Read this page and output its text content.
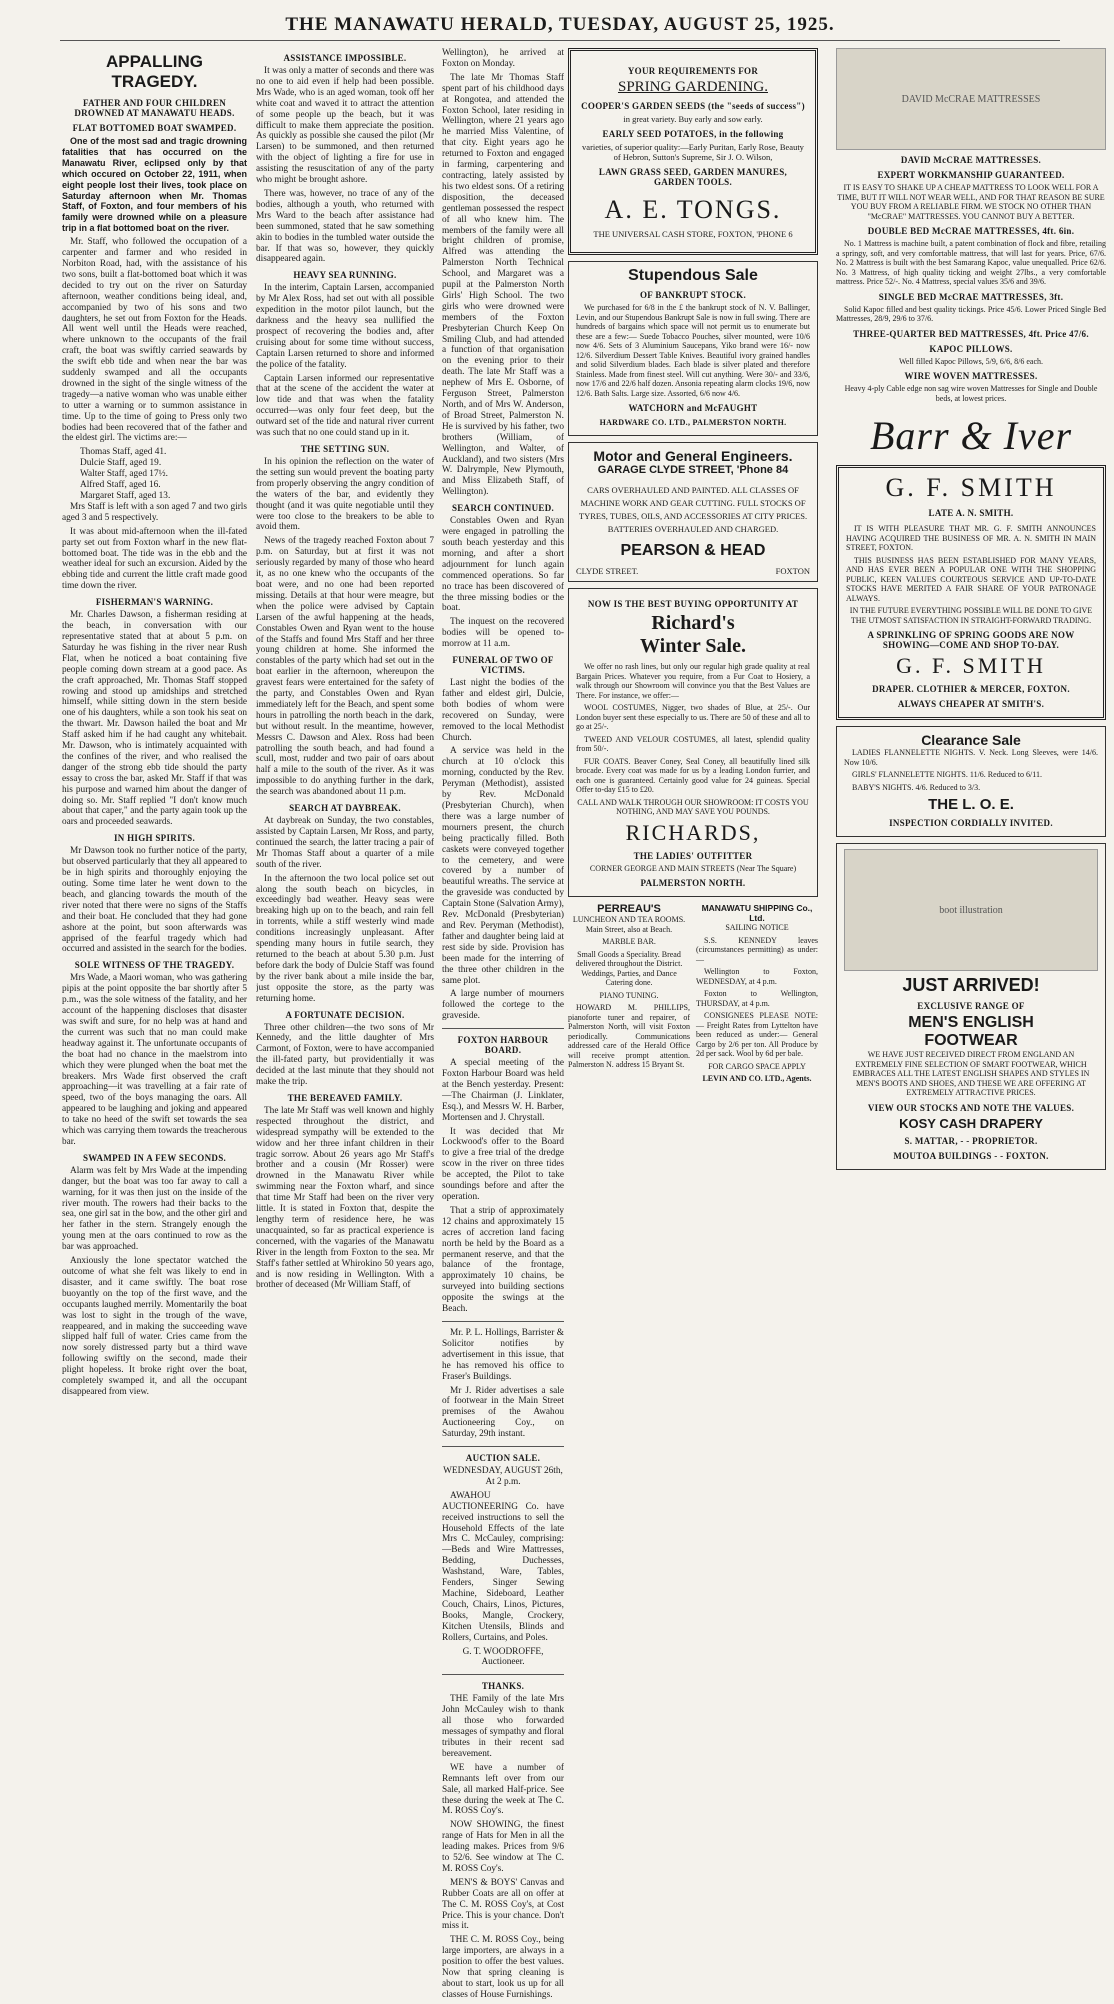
THE MANAWATU HERALD, TUESDAY, AUGUST 25, 1925.
APPALLING TRAGEDY.
FATHER AND FOUR CHILDREN DROWNED AT MANAWATU HEADS.
FLAT BOTTOMED BOAT SWAMPED.

One of the most sad and tragic drowning fatalities that has occurred on the Manawatu River, eclipsed only by that which occured on October 22, 1911, when eight people lost their lives, took place on Saturday afternoon when Mr. Thomas Staff, of Foxton, and four members of his family were drowned while on a pleasure trip in a flat bottomed boat on the river.

Mr. Staff, who followed the occupation of a carpenter and farmer and who resided in Norbiton Road, had, with the assistance of his two sons, built a flat-bottomed boat which it was decided to try out on the river on Saturday afternoon, weather conditions being ideal, and, accompanied by two of his sons and two daughters, he set out from Foxton for the Heads. All went well until the Heads were reached, where unknown to the occupants of the frail craft, the boat was swiftly carried seawards by the swift ebb tide and when near the bar was suddenly swamped and all the occupants drowned in the sight of the single witness of the tragedy—a native woman who was unable either to utter a warning or to summon assistance in time. Up to the time of going to Press only two bodies had been recovered that of the father and the eldest girl. The victims are:—

Thomas Staff, aged 41.
Dulcie Staff, aged 19.
Walter Staff, aged 17½.
Alfred Staff, aged 16.
Margaret Staff, aged 13.

Mrs Staff is left with a son aged 7 and two girls aged 3 and 5 respectively.

It was about mid-afternoon when the ill-fated party set out from Foxton wharf in the new flat-bottomed boat. The tide was in the ebb and the weather ideal for such an excursion. Aided by the ebbing tide and current the little craft made good time down the river.

FISHERMAN'S WARNING.

Mr. Charles Dawson, a fisherman residing at the beach, in conversation with our representative stated that at about 5 p.m. on Saturday he was fishing in the river near Rush Flat, when he noticed a boat containing five people coming down stream at a good pace. As the craft approached, Mr. Thomas Staff stopped rowing and stood up amidships and stretched himself, while sitting down in the stern beside one of his daughters, while a son took his seat on the thwart. Mr. Dawson hailed the boat and Mr Staff asked him if he had caught any whitebait. Mr. Dawson, who is intimately acquainted with the confines of the river, and who realised the danger of the strong ebb tide should the party essay to cross the bar, asked Mr. Staff if that was his purpose and warned him about the danger of doing so. Mr. Staff replied "I don't know much about that caper," and the party again took up the oars and proceeded seawards.

IN HIGH SPIRITS.

Mr Dawson took no further notice of the party, but observed particularly that they all appeared to be in high spirits and thoroughly enjoying the outing. Some time later he went down to the beach, and glancing towards the mouth of the river noted that there were no signs of the Staffs and their boat. He concluded that they had gone ashore at the point, but soon afterwards was apprised of the fearful tragedy which had occurred and assisted in the search for the bodies.

SOLE WITNESS OF THE TRAGEDY.

Mrs Wade, a Maori woman, who was gathering pipis at the point opposite the bar shortly after 5 p.m., was the sole witness of the fatality, and her account of the happening discloses that disaster was swift and sure, for no help was at hand and the current was such that no man could make headway against it. The unfortunate occupants of the boat had no chance in the maelstrom into which they were plunged when the boat met the breakers. Mrs Wade first observed the craft approaching—it was travelling at a fair rate of speed, two of the boys managing the oars. All appeared to be laughing and joking and appeared to take no heed of the swift set towards the sea which was carrying them towards the treacherous bar.

SWAMPED IN A FEW SECONDS.

Alarm was felt by Mrs Wade at the impending danger, but the boat was too far away to call a warning, for it was then just on the inside of the river mouth. The rowers had their backs to the sea, one girl sat in the bow, and the other girl and her father in the stern. Strangely enough the young men at the oars continued to row as the bar was approached.

Anxiously the lone spectator watched the outcome of what she felt was likely to end in disaster, and it came swiftly. The boat rose buoyantly on the top of the first wave, and the occupants laughed merrily. Momentarily the boat was lost to sight in the trough of the wave, reappeared, and in making the succeeding wave slipped half full of water. Cries came from the now sorely distressed party but a third wave following swiftly on the second, made their plight hopeless. It broke right over the boat, completely swamped it, and all the occupant disappeared from view.

ASSISTANCE IMPOSSIBLE.

It was only a matter of seconds and there was no one to aid even if help had been possible. Mrs Wade, who is an aged woman, took off her white coat and waved it to attract the attention of some people up the beach, but it was difficult to make them appreciate the position. As quickly as possible she caused the pilot (Mr Larsen) to be summoned, and then returned with the object of lighting a fire for use in assisting the resuscitation of any of the party who might be brought ashore.

There was, however, no trace of any of the bodies, although a youth, who returned with Mrs Ward to the beach after assistance had been summoned, stated that he saw something akin to bodies in the tumbled water outside the bar. If that was so, however, they quickly disappeared again.

HEAVY SEA RUNNING.

In the interim, Captain Larsen, accompanied by Mr Alex Ross, had set out with all possible expedition in the motor pilot launch, but the darkness and the heavy sea nullified the prospect of recovering the bodies and, after cruising about for some time without success, Captain Larsen returned to shore and informed the police of the fatality.

Captain Larsen informed our representative that at the scene of the accident the water at low tide and that was when the fatality occurred—was only four feet deep, but the outward set of the tide and natural river current was such that no one could stand up in it.

THE SETTING SUN.

In his opinion the reflection on the water of the setting sun would prevent the boating party from properly observing the angry condition of the waters of the bar, and evidently they thought (and it was quite negotiable until they were too close to the breakers to be able to avoid them.

News of the tragedy reached Foxton about 7 p.m. on Saturday, but at first it was not seriously regarded by many of those who heard it, as no one knew who the occupants of the boat were, and no one had been reported missing. Details at that hour were meagre, but when the police were advised by Captain Larsen of the awful happening at the heads, Constables Owen and Ryan went to the house of the Staffs and found Mrs Staff and her three young children at home. She informed the constables of the party which had set out in the boat earlier in the afternoon, whereupon the gravest fears were entertained for the safety of the party, and Constables Owen and Ryan immediately left for the Beach, and spent some hours in patrolling the north beach in the dark, but without result. In the meantime, however, Messrs C. Dawson and Alex. Ross had been patrolling the south beach, and had found a scull, most, rudder and two pair of oars about half a mile to the south of the river. As it was impossible to do anything further in the dark, the search was abandoned about 11 p.m.

SEARCH AT DAYBREAK.

At daybreak on Sunday, the two constables, assisted by Captain Larsen, Mr Ross, and party, continued the search, the latter tracing a pair of Mr Thomas Staff about a quarter of a mile south of the river.

In the afternoon the two local police set out along the south beach on bicycles, in exceedingly bad weather. Heavy seas were breaking high up on to the beach, and rain fell in torrents, while a stiff westerly wind made conditions increasingly unpleasant. After spending many hours in futile search, they returned to the beach at about 5.30 p.m. Just before dark the body of Dulcie Staff was found by the river bank about a mile inside the bar, just opposite the store, as the party was returning home.

A FORTUNATE DECISION.

Three other children—the two sons of Mr Kennedy, and the little daughter of Mrs Carmont, of Foxton, were to have accompanied the ill-fated party, but providentially it was decided at the last minute that they should not make the trip.

THE BEREAVED FAMILY.

The late Mr Staff was well known and highly respected throughout the district, and widespread sympathy will be extended to the widow and her three infant children in their tragic sorrow. About 26 years ago Mr Staff's brother and a cousin (Mr Rosser) were drowned in the Manawatu River while swimming near the Foxton wharf, and since that time Mr Staff had been on the river very little. It is stated in Foxton that, despite the lengthy term of residence here, he was unacquainted, so far as practical experience is concerned, with the vagaries of the Manawatu River in the length from Foxton to the sea. Mr Staff's father settled at Whirokino 50 years ago, and is now residing in Wellington. With a brother of deceased (Mr William Staff, of

Wellington), he arrived at Foxton on Monday.

The late Mr Thomas Staff spent part of his childhood days at Rongotea, and attended the Foxton School, later residing in Wellington, where 21 years ago he married Miss Valentine, of that city. Eight years ago he returned to Foxton and engaged in farming, carpentering and contracting, lately assisted by his two eldest sons. Of a retiring disposition, the deceased gentleman possessed the respect of all who knew him. The members of the family were all bright children of promise, Alfred was attending the Palmerston North Technical School, and Margaret was a pupil at the Palmerston North Girls' High School. The two girls who were drowned were members of the Foxton Presbyterian Church Keep On Smiling Club, and had attended a function of that organisation on the evening prior to their death. The late Mr Staff was a nephew of Mrs E. Osborne, of Ferguson Street, Palmerston North, and of Mrs W. Anderson, of Broad Street, Palmerston N. He is survived by his father, two brothers (William, of Wellington, and Walter, of Auckland), and two sisters (Mrs W. Dalrymple, New Plymouth, and Miss Elizabeth Staff, of Wellington).

SEARCH CONTINUED.

Constables Owen and Ryan were engaged in patrolling the south beach yesterday and this morning, and after a short adjournment for lunch again commenced operations. So far no trace has been discovered of the three missing bodies or the boat.

The inquest on the recovered bodies will be opened to-morrow at 11 a.m.

FUNERAL OF TWO OF VICTIMS.

Last night the bodies of the father and eldest girl, Dulcie, both bodies of whom were recovered on Sunday, were removed to the local Methodist Church.

A service was held in the church at 10 o'clock this morning, conducted by the Rev. Peryman (Methodist), assisted by Rev. McDonald (Presbyterian Church), when there was a large number of mourners present, the church being practically filled. Both caskets were conveyed together to the cemetery, and were covered by a number of beautiful wreaths. The service at the graveside was conducted by Captain Stone (Salvation Army), Rev. McDonald (Presbyterian) and Rev. Peryman (Methodist), father and daughter being laid at rest side by side. Provision has been made for the interring of the three other children in the same plot.

A large number of mourners followed the cortege to the graveside.

FOXTON HARBOUR BOARD.

A special meeting of the Foxton Harbour Board was held at the Bench yesterday. Present:—The Chairman (J. Linklater, Esq.), and Messrs W. H. Barber, Mortensen and J. Chrystall.

It was decided that Mr Lockwood's offer to the Board to give a free trial of the dredge scow in the river on three tides be accepted, the Pilot to take soundings before and after the operation.

That a strip of approximately 12 chains and approximately 15 acres of accretion land facing north be held by the Board as a permanent reserve, and that the balance of the frontage, approximately 10 chains, be surveyed into building sections opposite the swings at the Beach.

Mr. P. L. Hollings, Barrister & Solicitor notifies by advertisement in this issue, that he has removed his office to Fraser's Buildings.

Mr J. Rider advertises a sale of footwear in the Main Street premises of the Awahou Auctioneering Coy., on Saturday, 29th instant.

AUCTION SALE.

WEDNESDAY, AUGUST 26th, At 2 p.m.

AWAHOU AUCTIONEERING Co. have received instructions to sell the Household Effects of the late Mrs C. McCauley, comprising:—Beds and Wire Mattresses, Bedding, Duchesses, Washstand, Ware, Tables, Fenders, Singer Sewing Machine, Sideboard, Leather Couch, Chairs, Linos, Pictures, Books, Mangle, Crockery, Kitchen Utensils, Blinds and Rollers, Curtains, and Poles.

G. T. WOODROFFE, Auctioneer.

THANKS.

THE Family of the late Mrs John McCauley wish to thank all those who forwarded messages of sympathy and floral tributes in their recent sad bereavement.

WE have a number of Remnants left over from our Sale, all marked Half-price. See these during the week at The C. M. ROSS Coy's.

NOW SHOWING, the finest range of Hats for Men in all the leading makes. Prices from 9/6 to 52/6. See window at The C. M. ROSS Coy's.

MEN'S & BOYS' Canvas and Rubber Coats are all on offer at The C. M. ROSS Coy's, at Cost Price. This is your chance. Don't miss it.

THE C. M. ROSS Coy., being large importers, are always in a position to offer the best values. Now that spring cleaning is about to start, look us up for all classes of House Furnishings.

YOUR REQUIREMENTS FOR
SPRING GARDENING.
COOPER'S GARDEN SEEDS (the "seeds of success")

in great variety. Buy early and sow early.

EARLY SEED POTATOES, in the following

varieties, of superior quality:—Early Puritan, Early Rose, Beauty of Hebron, Sutton's Supreme, Sir J. O. Wilson,

LAWN GRASS SEED, GARDEN MANURES, GARDEN TOOLS.
A. E. TONGS.

THE UNIVERSAL CASH STORE, FOXTON, 'PHONE 6

Stupendous Sale
OF BANKRUPT STOCK.

We purchased for 6/8 in the £ the bankrupt stock of N. V. Ballinger, Levin, and our Stupendous Bankrupt Sale is now in full swing. There are hundreds of bargains which space will not permit us to enumerate but these are a few:— Suede Tobacco Pouches, silver mounted, were 10/6 now 4/6. Sets of 3 Aluminium Saucepans, Yiko brand were 16/- now 12/6. Silverdium Dessert Table Knives. Beautiful ivory grained handles and solid Silverdium blades. Each blade is silver plated and therefore Stainless. Made from finest steel. Will cut anything. Were 30/- and 33/6, now 17/6 and 22/6 half dozen. Ansonia repeating alarm clocks 19/6, now 12/6. Bath Salts. Large size. Assorted, 6/6 now 4/6.

WATCHORN and McFAUGHT
HARDWARE CO. LTD., PALMERSTON NORTH.
Motor and General Engineers.
GARAGE CLYDE STREET, 'Phone 84

CARS OVERHAULED AND PAINTED. ALL CLASSES OF MACHINE WORK AND GEAR CUTTING. FULL STOCKS OF TYRES, TUBES, OILS, AND ACCESSORIES AT CITY PRICES. BATTERIES OVERHAULED AND CHARGED.

PEARSON & HEAD
CLYDE STREET.	FOXTON
NOW IS THE BEST BUYING OPPORTUNITY AT
Richard's
Winter Sale.

We offer no rash lines, but only our regular high grade quality at real Bargain Prices. Whatever you require, from a Fur Coat to Hosiery, a walk through our Showroom will convince you that the Best Values are There. For instance, we offer:—

WOOL COSTUMES, Nigger, two shades of Blue, at 25/-. Our London buyer sent these especially to us. There are 50 of these and all to go at 25/-.

TWEED AND VELOUR COSTUMES, all latest, splendid quality from 50/-.

FUR COATS. Beaver Coney, Seal Coney, all beautifully lined silk brocade. Every coat was made for us by a leading London furrier, and each one is guaranteed. Certainly good value for 24 guineas. Special Offer to-day £15 to £20.

CALL AND WALK THROUGH OUR SHOWROOM: IT COSTS YOU NOTHING, AND MAY SAVE YOU POUNDS.

RICHARDS,
THE LADIES' OUTFITTER

CORNER GEORGE AND MAIN STREETS (Near The Square)

PALMERSTON NORTH.
PERREAU'S

LUNCHEON AND TEA ROOMS. Main Street, also at Beach.

MARBLE BAR.

Small Goods a Speciality. Bread delivered throughout the District. Weddings, Parties, and Dance Catering done.

PIANO TUNING.

HOWARD M. PHILLIPS, pianoforte tuner and repairer, of Palmerston North, will visit Foxton periodically. Communications addressed care of the Herald Office will receive prompt attention. Palmerston N. address 15 Bryant St.

MANAWATU SHIPPING Co., Ltd.

SAILING NOTICE

S.S. KENNEDY leaves (circumstances permitting) as under:—

Wellington to Foxton, WEDNESDAY, at 4 p.m.

Foxton to Wellington, THURSDAY, at 4 p.m.

CONSIGNEES PLEASE NOTE:— Freight Rates from Lyttelton have been reduced as under:— General Cargo by 2/6 per ton. All Produce by 2d per sack. Wool by 6d per bale.

FOR CARGO SPACE APPLY

LEVIN AND CO. LTD., Agents.

DAVID McCRAE MATTRESSES
DAVID McCRAE MATTRESSES.
EXPERT WORKMANSHIP GUARANTEED.

IT IS EASY TO SHAKE UP A CHEAP MATTRESS TO LOOK WELL FOR A TIME, BUT IT WILL NOT WEAR WELL, AND FOR THAT REASON BE SURE YOU BUY FROM A RELIABLE FIRM. WE STOCK NO OTHER THAN "McCRAE" MATTRESSES. YOU CANNOT BUY A BETTER.

DOUBLE BED McCRAE MATTRESSES, 4ft. 6in.

No. 1 Mattress is machine built, a patent combination of flock and fibre, retailing a springy, soft, and very comfortable mattress, that will last for years. Price, 67/6. No. 2 Mattress is built with the best Samarang Kapoc, value unequalled. Price 62/6. No. 3 Mattress, of high quality ticking and weight 27lbs., a very comfortable mattress. Price 52/-. No. 4 Mattress, special values 35/6 and 39/6.

SINGLE BED McCRAE MATTRESSES, 3ft.

Solid Kapoc filled and best quality tickings. Price 45/6. Lower Priced Single Bed Mattresses, 28/9, 29/6 to 37/6.

THREE-QUARTER BED MATTRESSES, 4ft. Price 47/6.
KAPOC PILLOWS.

Well filled Kapoc Pillows, 5/9, 6/6, 8/6 each.

WIRE WOVEN MATTRESSES.

Heavy 4-ply Cable edge non sag wire woven Mattresses for Single and Double beds, at lowest prices.

Barr & Iver
G. F. SMITH
LATE A. N. SMITH.

IT IS WITH PLEASURE THAT MR. G. F. SMITH ANNOUNCES HAVING ACQUIRED THE BUSINESS OF MR. A. N. SMITH IN MAIN STREET, FOXTON.

THIS BUSINESS HAS BEEN ESTABLISHED FOR MANY YEARS, AND HAS EVER BEEN A POPULAR ONE WITH THE SHOPPING PUBLIC, KEEN VALUES COURTEOUS SERVICE AND UP-TO-DATE STOCKS HAVE MERITED A FAIR SHARE OF YOUR PATRONAGE ALWAYS.

IN THE FUTURE EVERYTHING POSSIBLE WILL BE DONE TO GIVE THE UTMOST SATISFACTION IN STRAIGHT-FORWARD TRADING.

A SPRINKLING OF SPRING GOODS ARE NOW SHOWING—COME AND SHOP TO-DAY.
G. F. SMITH
DRAPER. CLOTHIER & MERCER, FOXTON.
ALWAYS CHEAPER AT SMITH'S.
Clearance Sale

LADIES FLANNELETTE NIGHTS. V. Neck. Long Sleeves, were 14/6. Now 10/6.

GIRLS' FLANNELETTE NIGHTS. 11/6. Reduced to 6/11.

BABY'S NIGHTS. 4/6. Reduced to 3/3.

THE L. O. E.
INSPECTION CORDIALLY INVITED.
boot illustration
JUST ARRIVED!
EXCLUSIVE RANGE OF
MEN'S ENGLISH
FOOTWEAR

WE HAVE JUST RECEIVED DIRECT FROM ENGLAND AN EXTREMELY FINE SELECTION OF SMART FOOTWEAR, WHICH EMBRACES ALL THE LATEST ENGLISH SHAPES AND STYLES IN MEN'S BOOTS AND SHOES, AND THESE WE ARE OFFERING AT EXTREMELY ATTRACTIVE PRICES.

VIEW OUR STOCKS AND NOTE THE VALUES.
KOSY CASH DRAPERY
S. MATTAR, - - PROPRIETOR.
MOUTOA BUILDINGS - - FOXTON.
